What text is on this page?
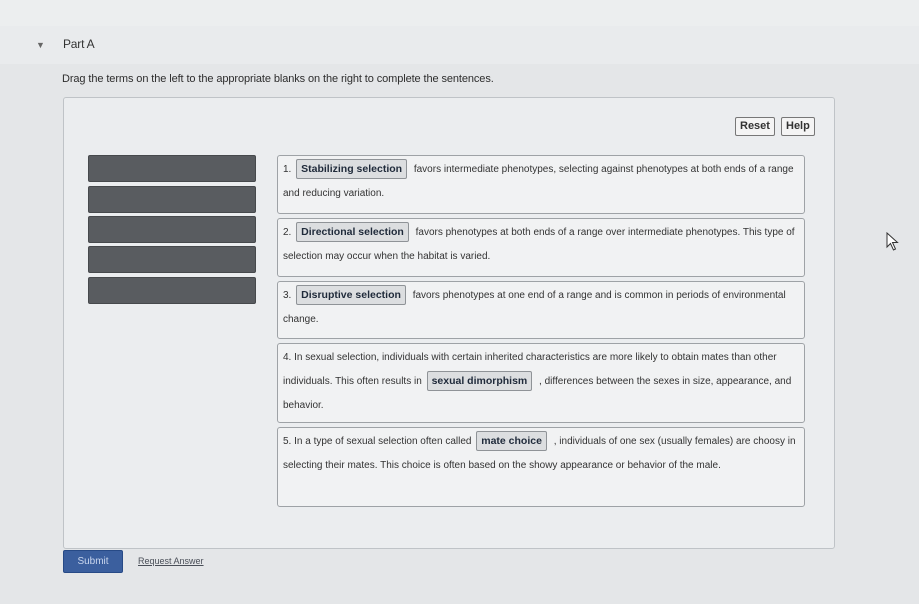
▼ Part A
Drag the terms on the left to the appropriate blanks on the right to complete the sentences.
Reset	Help

1. Stabilizing selection favors intermediate phenotypes, selecting against phenotypes at both ends of a range and reducing variation.

2. Directional selection favors phenotypes at both ends of a range over intermediate phenotypes. This type of selection may occur when the habitat is varied.

3. Disruptive selection favors phenotypes at one end of a range and is common in periods of environmental change.

4. In sexual selection, individuals with certain inherited characteristics are more likely to obtain mates than other individuals. This often results in sexual dimorphism , differences between the sexes in size, appearance, and behavior.

5. In a type of sexual selection often called mate choice , individuals of one sex (usually females) are choosy in selecting their mates. This choice is often based on the showy appearance or behavior of the male.

Submit	Request Answer
